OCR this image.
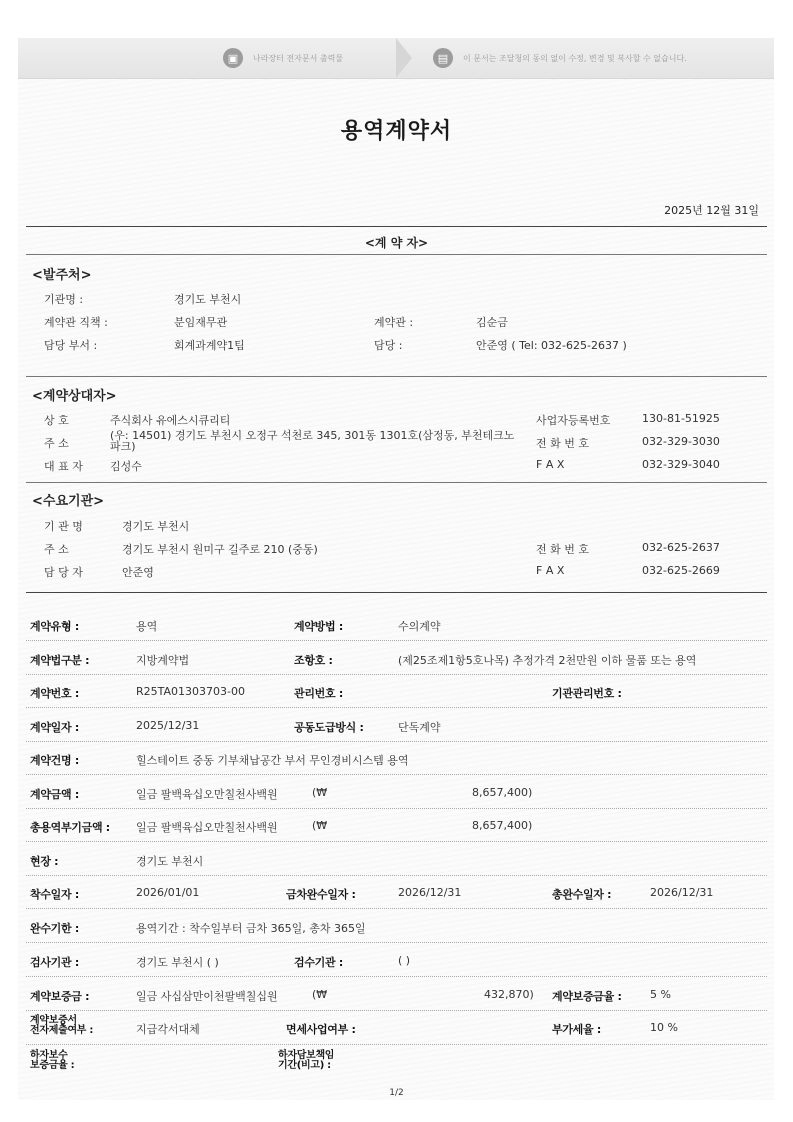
▣	나라장터 전자문서 출력물	▤	이 문서는 조달청의 동의 없이 수정, 변경 및 복사할 수 없습니다.
용역계약서
2025년 12월 31일
<계 약 자>
<발주처>
기관명 :	경기도 부천시
계약관 직책 :	분임재무관	계약관 :	김순금
담당 부서 :	회계과계약1팀	담당 :	안준영 ( Tel: 032-625-2637 )
<계약상대자>
상 호	주식회사 유에스시큐리티
주 소
(우: 14501) 경기도 부천시 오정구 석천로 345, 301동 1301호(삼정동, 부천테크노파크)
대 표 자	김성수
사업자등록번호	130-81-51925
전 화 번 호	032-329-3030
F A X	032-329-3040
<수요기관>
기 관 명	경기도 부천시
주 소	경기도 부천시 원미구 길주로 210 (중동)
담 당 자	안준영
전 화 번 호	032-625-2637
F A X	032-625-2669
계약유형 :	용역	계약방법 :	수의계약
계약법구분 :	지방계약법	조항호 :	(제25조제1항5호나목) 추정가격 2천만원 이하 물품 또는 용역
계약번호 :	R25TA01303703-00	관리번호 :	기관관리번호 :
계약일자 :	2025/12/31	공동도급방식 :	단독계약
계약건명 :	힐스테이트 중동 기부채납공간 부서 무인경비시스템 용역
계약금액 :	일금 팔백육십오만칠천사백원	(₩	8,657,400)
총용역부기금액 : 일금 팔백육십오만칠천사백원	(₩	8,657,400)
현장 :	경기도 부천시
착수일자 :	2026/01/01	금차완수일자 :	2026/12/31	총완수일자 :	2026/12/31
완수기한 :	용역기간 : 착수일부터 금차 365일, 총차 365일
검사기관 :	경기도 부천시 ( )	검수기관 :	( )
계약보증금 :	일금 사십삼만이천팔백칠십원	(₩	432,870) 계약보증금율 :	5 %
계약보증서
전자제출여부 :	지급각서대체	면세사업여부 :	부가세율 :	10 %
하자보수
보증금율 :
하자담보책임
기간(비고) :
1/2
